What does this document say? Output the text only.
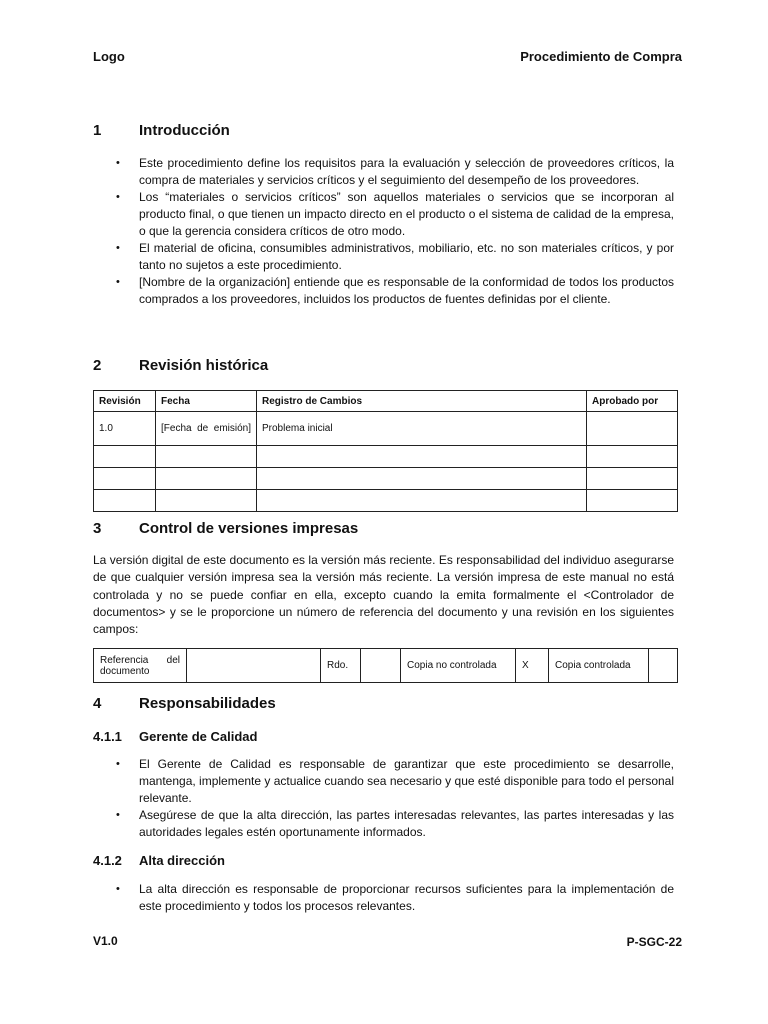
Logo	Procedimiento de Compra
1	Introducción
• Este procedimiento define los requisitos para la evaluación y selección de proveedores críticos, la compra de materiales y servicios críticos y el seguimiento del desempeño de los proveedores.
• Los “materiales o servicios críticos” son aquellos materiales o servicios que se incorporan al producto final, o que tienen un impacto directo en el producto o el sistema de calidad de la empresa, o que la gerencia considera críticos de otro modo.
• El material de oficina, consumibles administrativos, mobiliario, etc. no son materiales críticos, y por tanto no sujetos a este procedimiento.
• [Nombre de la organización] entiende que es responsable de la conformidad de todos los productos comprados a los proveedores, incluidos los productos de fuentes definidas por el cliente.
2	Revisión histórica
Revisión	Fecha	Registro de Cambios	Aprobado por
1.0	[Fecha de emisión]	Problema inicial	

3	Control de versiones impresas

La versión digital de este documento es la versión más reciente. Es responsabilidad del individuo asegurarse de que cualquier versión impresa sea la versión más reciente. La versión impresa de este manual no está controlada y no se puede confiar en ella, excepto cuando la emita formalmente el <Controlador de documentos> y se le proporcione un número de referencia del documento y una revisión en los siguientes campos:

Referencia del documento		Rdo.		Copia no controlada	X	Copia controlada	
4	Responsabilidades
4.1.1	Gerente de Calidad
• El Gerente de Calidad es responsable de garantizar que este procedimiento se desarrolle, mantenga, implemente y actualice cuando sea necesario y que esté disponible para todo el personal relevante.
• Asegúrese de que la alta dirección, las partes interesadas relevantes, las partes interesadas y las autoridades legales estén oportunamente informados.
4.1.2	Alta dirección
• La alta dirección es responsable de proporcionar recursos suficientes para la implementación de este procedimiento y todos los procesos relevantes.
V1.0	P-SGC-22
